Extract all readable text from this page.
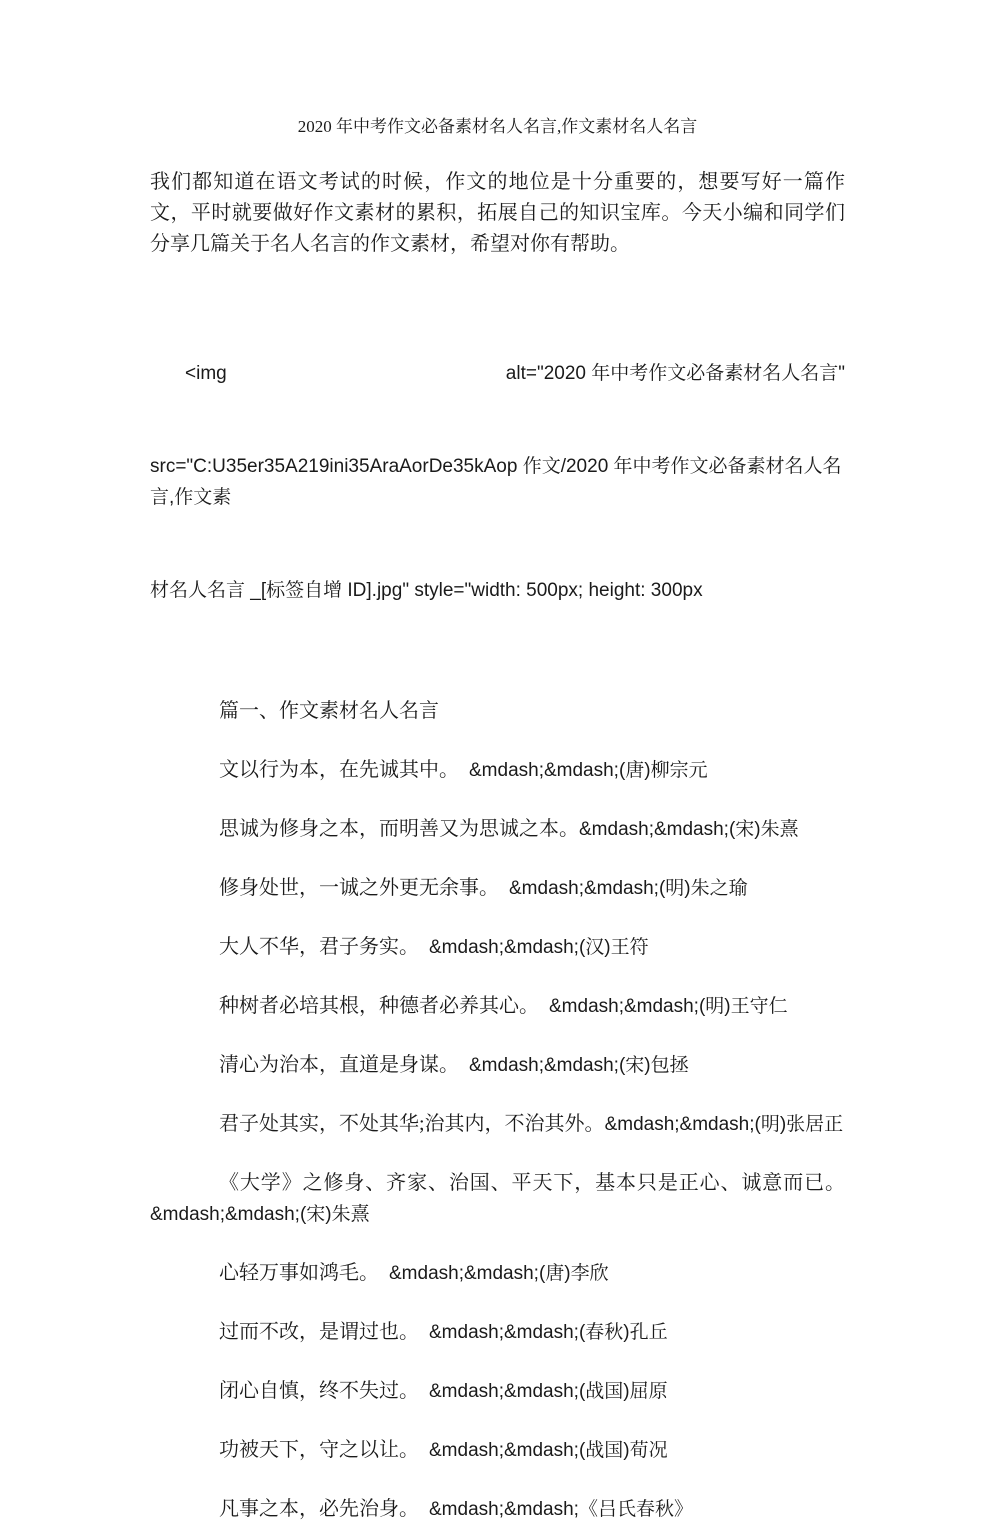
2020 年中考作文必备素材名人名言,作文素材名人名言

我们都知道在语文考试的时候，作文的地位是十分重要的，想要写好一篇作文，平时就要做好作文素材的累积，拓展自己的知识宝库。今天小编和同学们分享几篇关于名人名言的作文素材，希望对你有帮助。

<img	alt="2020 年中考作文必备素材名人名言"

src="C:U35er35A219ini35AraAorDe35kAop 作文/2020 年中考作文必备素材名人名言,作文素

材名人名言 _[标签自增 ID].jpg" style="width: 500px; height: 300px

篇一、作文素材名人名言

文以行为本，在先诚其中。  &mdash;&mdash;(唐)柳宗元

思诚为修身之本，而明善又为思诚之本。&mdash;&mdash;(宋)朱熹

修身处世，一诚之外更无余事。  &mdash;&mdash;(明)朱之瑜

大人不华，君子务实。  &mdash;&mdash;(汉)王符

种树者必培其根，种德者必养其心。  &mdash;&mdash;(明)王守仁

清心为治本，直道是身谋。  &mdash;&mdash;(宋)包拯

君子处其实，不处其华;治其内，不治其外。&mdash;&mdash;(明)张居正

《大学》之修身、齐家、治国、平天下，基本只是正心、诚意而已。&mdash;&mdash;(宋)朱熹

心轻万事如鸿毛。  &mdash;&mdash;(唐)李欣

过而不改，是谓过也。  &mdash;&mdash;(春秋)孔丘

闭心自慎，终不失过。  &mdash;&mdash;(战国)屈原

功被天下，守之以让。  &mdash;&mdash;(战国)荀况

凡事之本，必先治身。  &mdash;&mdash;《吕氏春秋》
